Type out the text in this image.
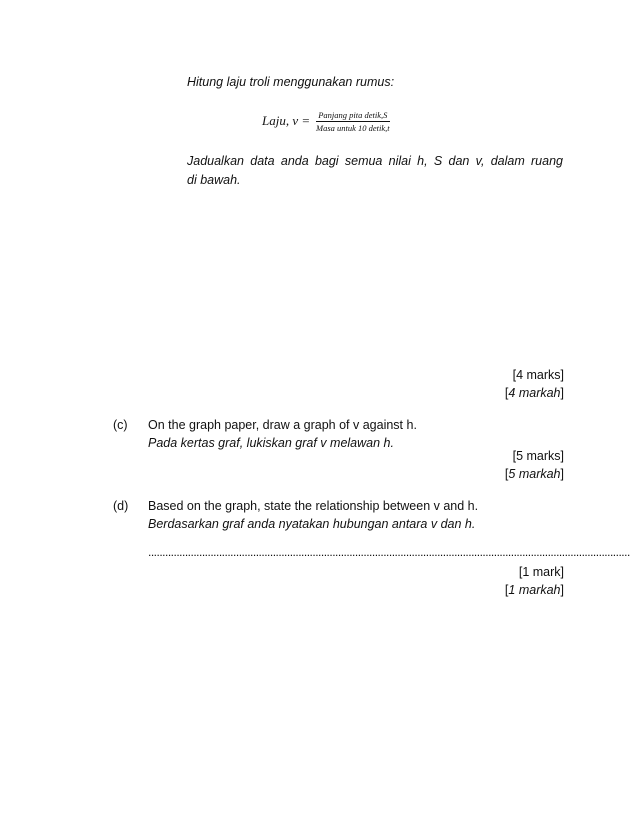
Hitung laju troli menggunakan rumus:
Laju, v = Panjang pita detik,S
Masa untuk 10 detik,t
Jadualkan data anda bagi semua nilai h, S dan v, dalam ruang
di bawah.
[4 marks]
[4 markah]
(c) On the graph paper, draw a graph of v against h.
Pada kertas graf, lukiskan graf v melawan h.
[5 marks]
[5 markah]
(d) Based on the graph, state the relationship between v and h.
Berdasarkan graf anda nyatakan hubungan antara v dan h.
..........................................................................................................................................................................
[1 mark]
[1 markah]
